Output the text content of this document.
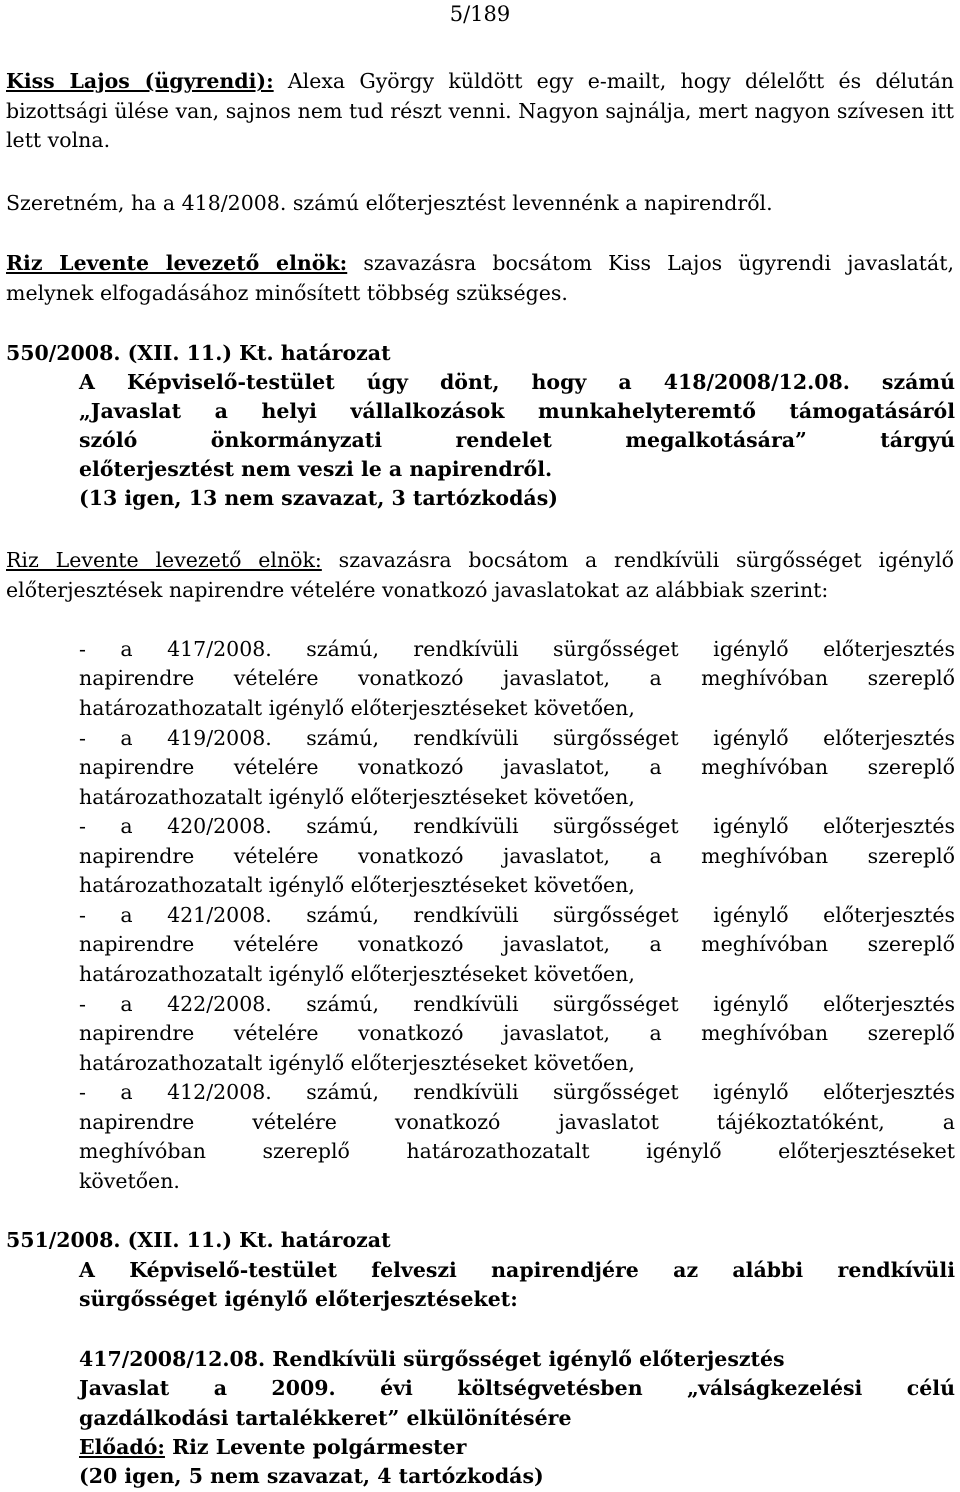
5/189
Kiss Lajos (ügyrendi): Alexa György küldött egy e-mailt, hogy délelőtt és délután bizottsági ülése van, sajnos nem tud részt venni. Nagyon sajnálja, mert nagyon szívesen itt lett volna.
Szeretném, ha a 418/2008. számú előterjesztést levennénk a napirendről.
Riz Levente levezető elnök: szavazásra bocsátom Kiss Lajos ügyrendi javaslatát, melynek elfogadásához minősített többség szükséges.
550/2008. (XII. 11.) Kt. határozat
A Képviselő-testület úgy dönt, hogy a 418/2008/12.08. számú
„Javaslat a helyi vállalkozások munkahelyteremtő támogatásáról
szóló önkormányzati rendelet megalkotására” tárgyú
előterjesztést nem veszi le a napirendről.
(13 igen, 13 nem szavazat, 3 tartózkodás)
Riz Levente levezető elnök: szavazásra bocsátom a rendkívüli sürgősséget igénylő előterjesztések napirendre vételére vonatkozó javaslatokat az alábbiak szerint:
- a 417/2008. számú, rendkívüli sürgősséget igénylő előterjesztés
napirendre vételére vonatkozó javaslatot, a meghívóban szereplő
határozathozatalt igénylő előterjesztéseket követően,
- a 419/2008. számú, rendkívüli sürgősséget igénylő előterjesztés
napirendre vételére vonatkozó javaslatot, a meghívóban szereplő
határozathozatalt igénylő előterjesztéseket követően,
- a 420/2008. számú, rendkívüli sürgősséget igénylő előterjesztés
napirendre vételére vonatkozó javaslatot, a meghívóban szereplő
határozathozatalt igénylő előterjesztéseket követően,
- a 421/2008. számú, rendkívüli sürgősséget igénylő előterjesztés
napirendre vételére vonatkozó javaslatot, a meghívóban szereplő
határozathozatalt igénylő előterjesztéseket követően,
- a 422/2008. számú, rendkívüli sürgősséget igénylő előterjesztés
napirendre vételére vonatkozó javaslatot, a meghívóban szereplő
határozathozatalt igénylő előterjesztéseket követően,
- a 412/2008. számú, rendkívüli sürgősséget igénylő előterjesztés
napirendre vételére vonatkozó javaslatot tájékoztatóként, a
meghívóban szereplő határozathozatalt igénylő előterjesztéseket
követően.
551/2008. (XII. 11.) Kt. határozat
A Képviselő-testület felveszi napirendjére az alábbi rendkívüli
sürgősséget igénylő előterjesztéseket:
417/2008/12.08. Rendkívüli sürgősséget igénylő előterjesztés
Javaslat a 2009. évi költségvetésben „válságkezelési célú
gazdálkodási tartalékkeret” elkülönítésére
Előadó: Riz Levente polgármester
(20 igen, 5 nem szavazat, 4 tartózkodás)
